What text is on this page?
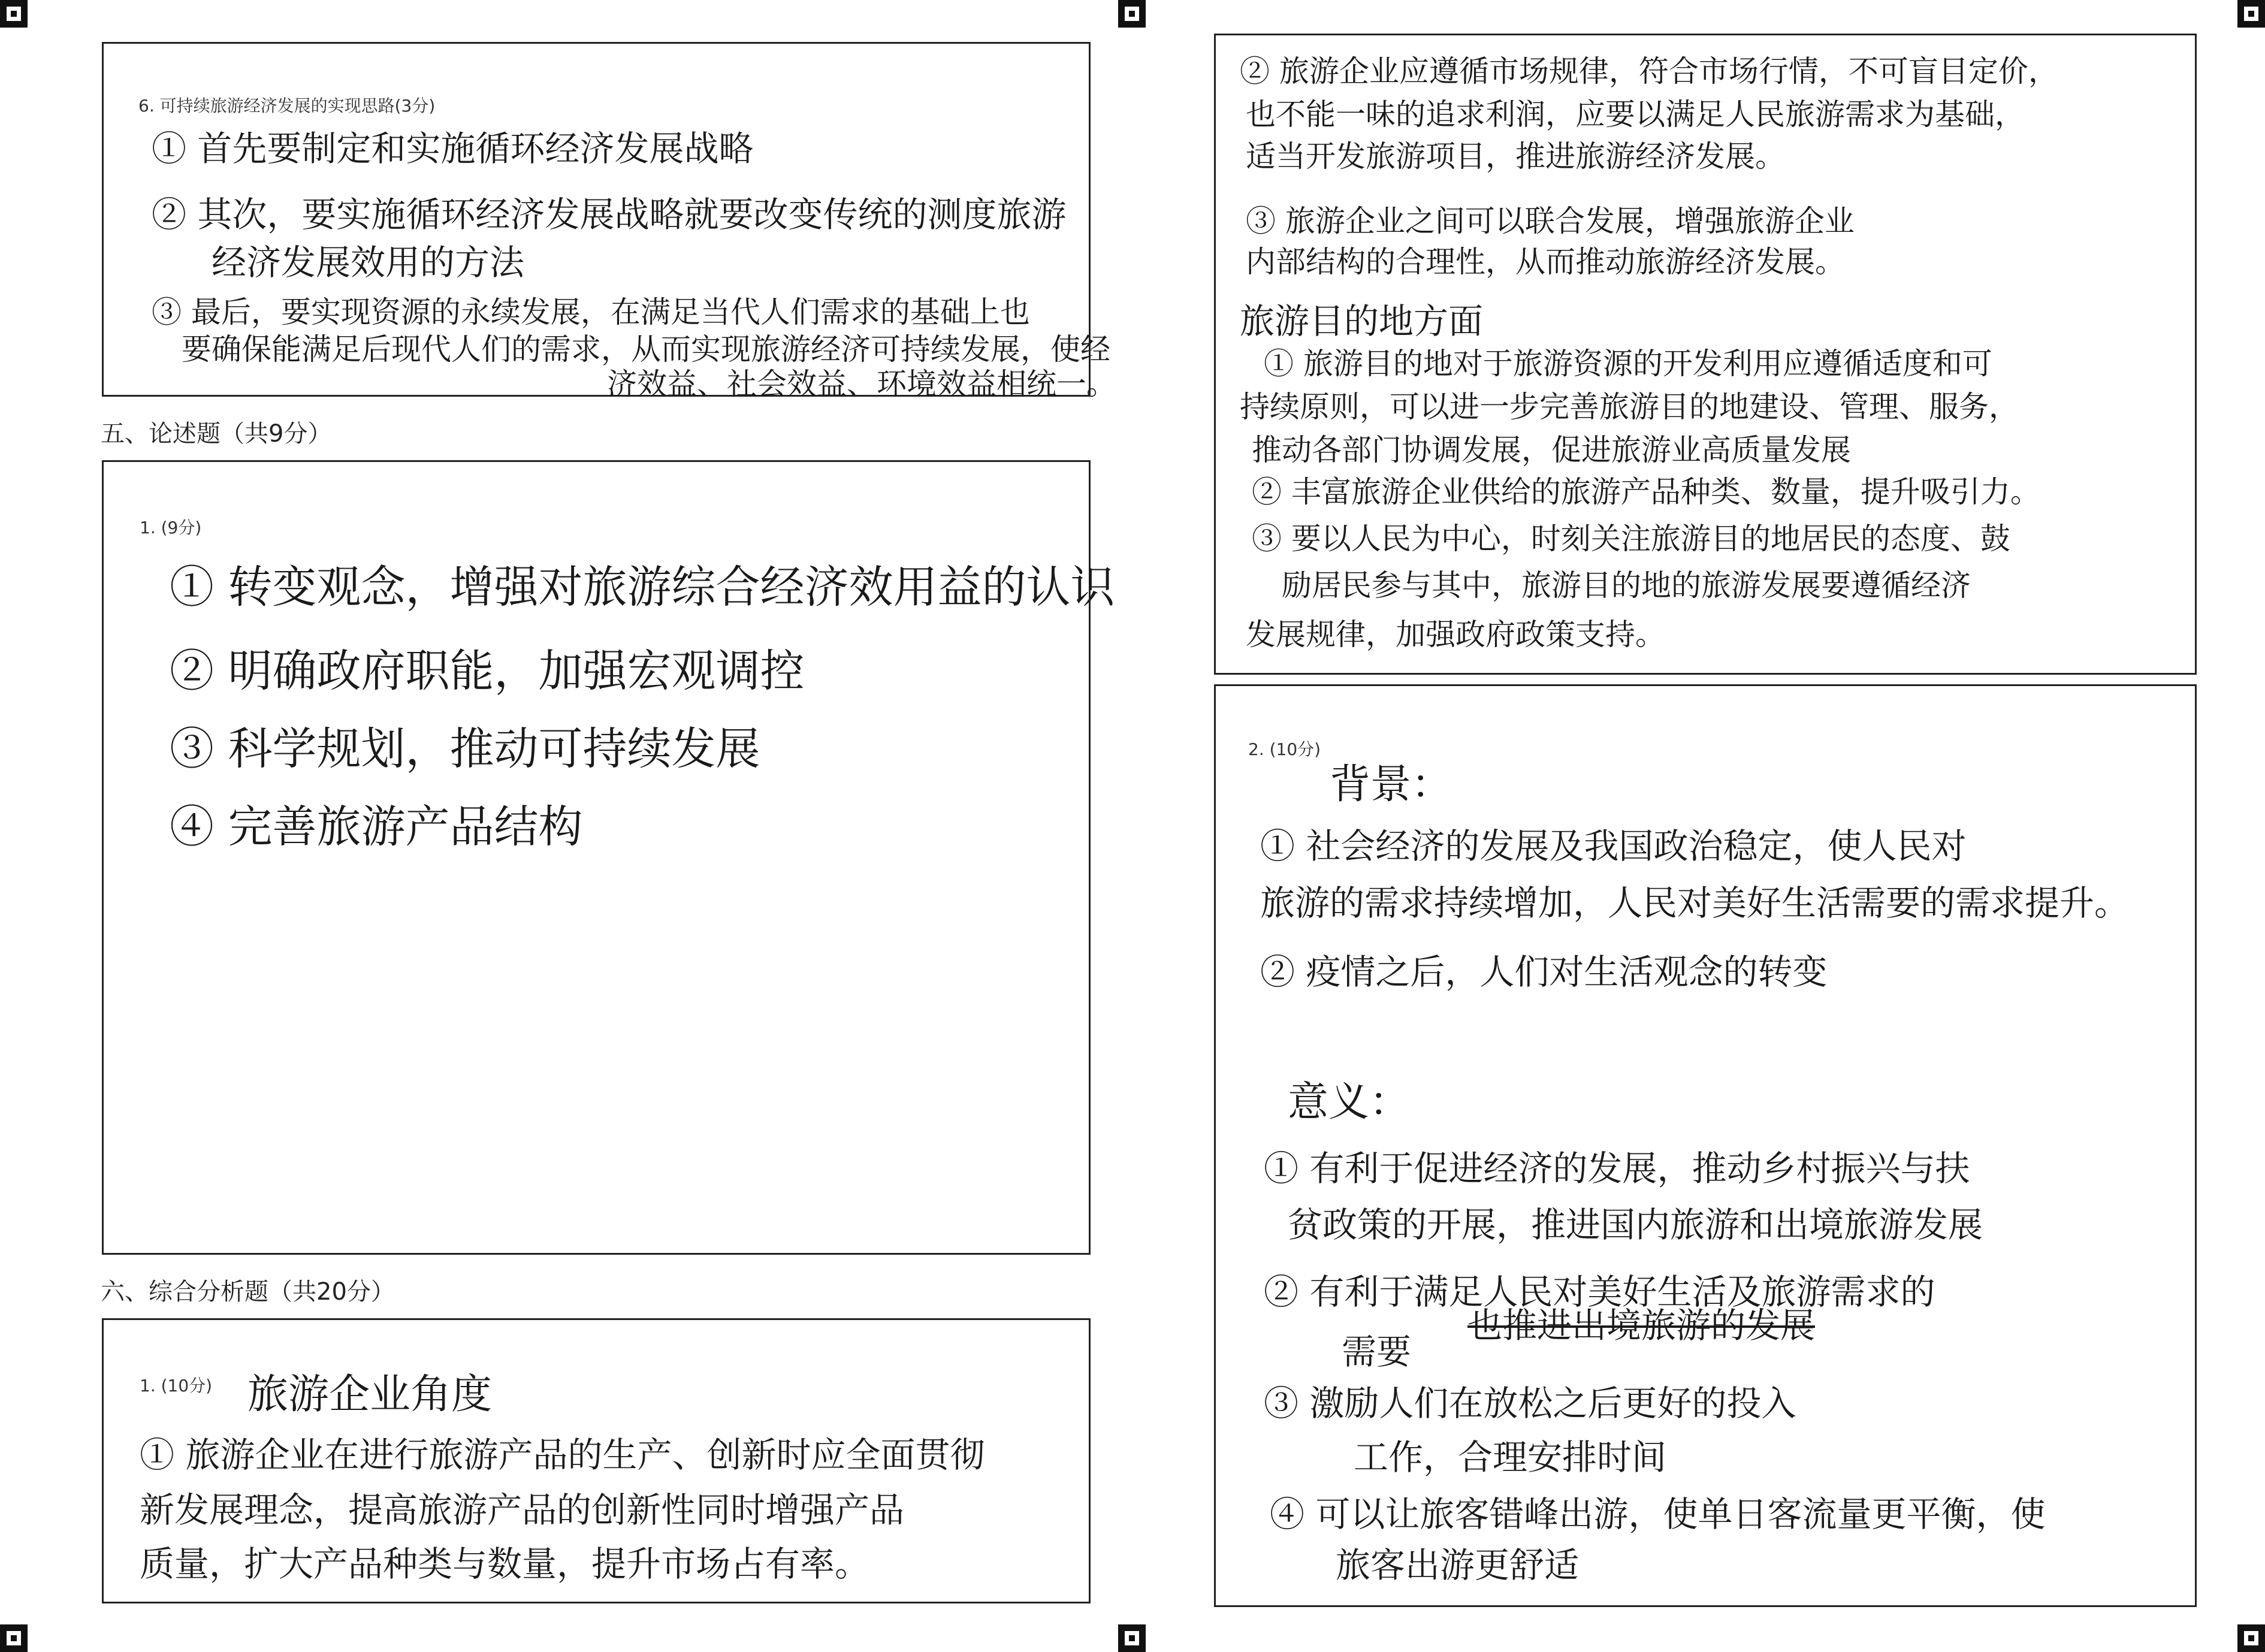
6. 可持续旅游经济发展的实现思路(3分)
① 首先要制定和实施循环经济发展战略
② 其次，要实施循环经济发展战略就要改变传统的测度旅游
经济发展效用的方法
③ 最后，要实现资源的永续发展，在满足当代人们需求的基础上也
要确保能满足后现代人们的需求，从而实现旅游经济可持续发展，使经
济效益、社会效益、环境效益相统一。
五、论述题（共9分）
1. (9分)
① 转变观念，增强对旅游综合经济效用益的认识
② 明确政府职能，加强宏观调控
③ 科学规划，推动可持续发展
④ 完善旅游产品结构
六、综合分析题（共20分）
1. (10分) 旅游企业角度
① 旅游企业在进行旅游产品的生产、创新时应全面贯彻
新发展理念，提高旅游产品的创新性同时增强产品
质量，扩大产品种类与数量，提升市场占有率。
② 旅游企业应遵循市场规律，符合市场行情，不可盲目定价，
也不能一味的追求利润，应要以满足人民旅游需求为基础，
适当开发旅游项目，推进旅游经济发展。
③ 旅游企业之间可以联合发展，增强旅游企业
内部结构的合理性，从而推动旅游经济发展。
旅游目的地方面
① 旅游目的地对于旅游资源的开发利用应遵循适度和可
持续原则，可以进一步完善旅游目的地建设、管理、服务，
推动各部门协调发展，促进旅游业高质量发展
② 丰富旅游企业供给的旅游产品种类、数量，提升吸引力。
③ 要以人民为中心，时刻关注旅游目的地居民的态度、鼓
励居民参与其中，旅游目的地的旅游发展要遵循经济
发展规律，加强政府政策支持。
2. (10分)
背景：
① 社会经济的发展及我国政治稳定，使人民对
旅游的需求持续增加，人民对美好生活需要的需求提升。
② 疫情之后，人们对生活观念的转变
意义：
① 有利于促进经济的发展，推动乡村振兴与扶
贫政策的开展，推进国内旅游和出境旅游发展
② 有利于满足人民对美好生活及旅游需求的
需要
也推进出境旅游的发展
③ 激励人们在放松之后更好的投入
工作，合理安排时间
④ 可以让旅客错峰出游，使单日客流量更平衡，使
旅客出游更舒适
